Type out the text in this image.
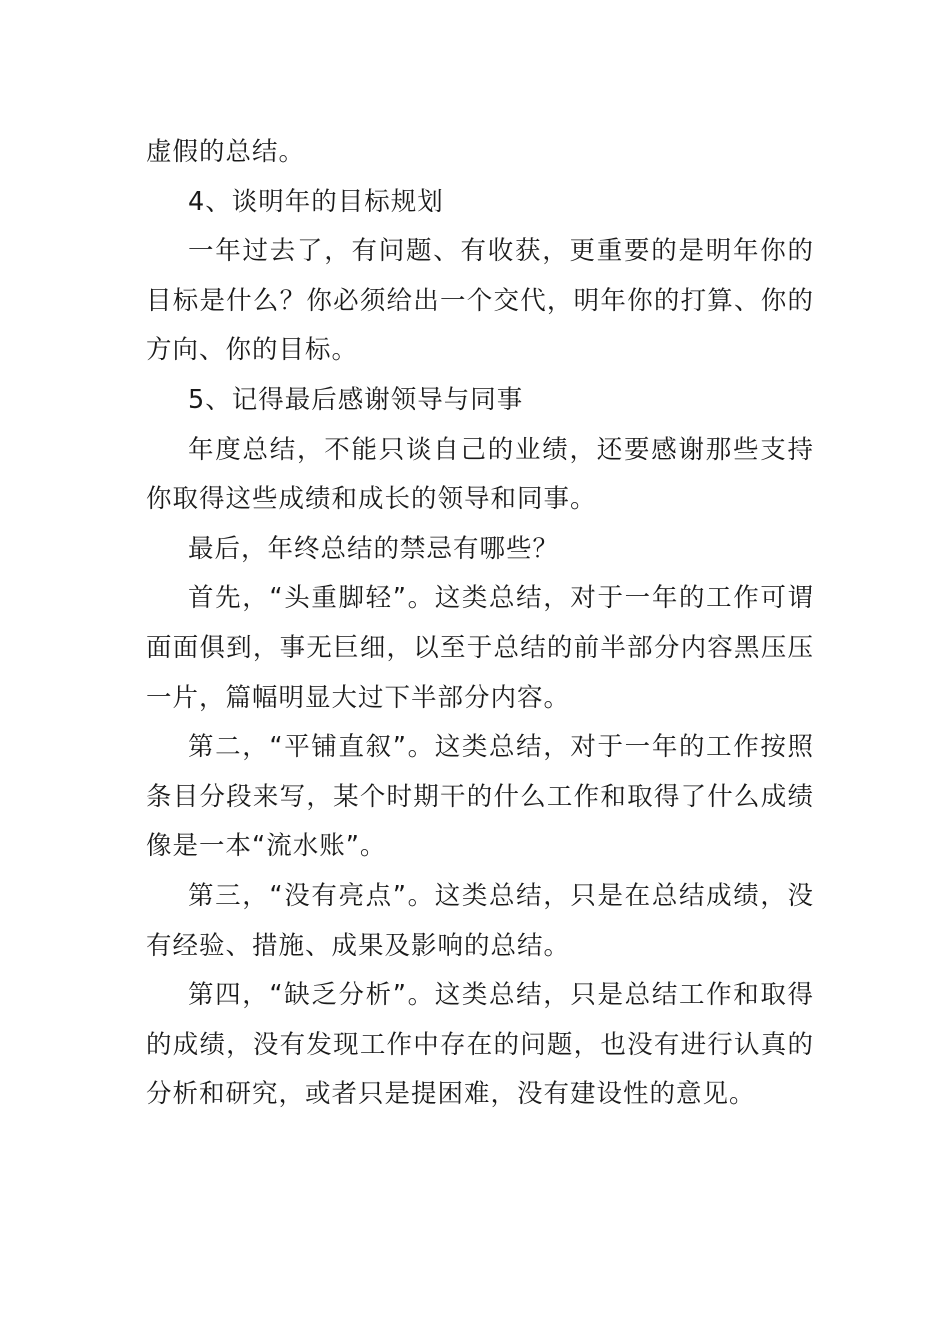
虚假的总结。

4、谈明年的目标规划

一年过去了，有问题、有收获，更重要的是明年你的目标是什么？你必须给出一个交代，明年你的打算、你的方向、你的目标。

5、记得最后感谢领导与同事

年度总结，不能只谈自己的业绩，还要感谢那些支持你取得这些成绩和成长的领导和同事。

最后，年终总结的禁忌有哪些？

首先，“头重脚轻”。这类总结，对于一年的工作可谓面面俱到，事无巨细，以至于总结的前半部分内容黑压压一片，篇幅明显大过下半部分内容。

第二，“平铺直叙”。这类总结，对于一年的工作按照条目分段来写，某个时期干的什么工作和取得了什么成绩像是一本“流水账”。

第三，“没有亮点”。这类总结，只是在总结成绩，没有经验、措施、成果及影响的总结。

第四，“缺乏分析”。这类总结，只是总结工作和取得的成绩，没有发现工作中存在的问题，也没有进行认真的分析和研究，或者只是提困难，没有建设性的意见。
